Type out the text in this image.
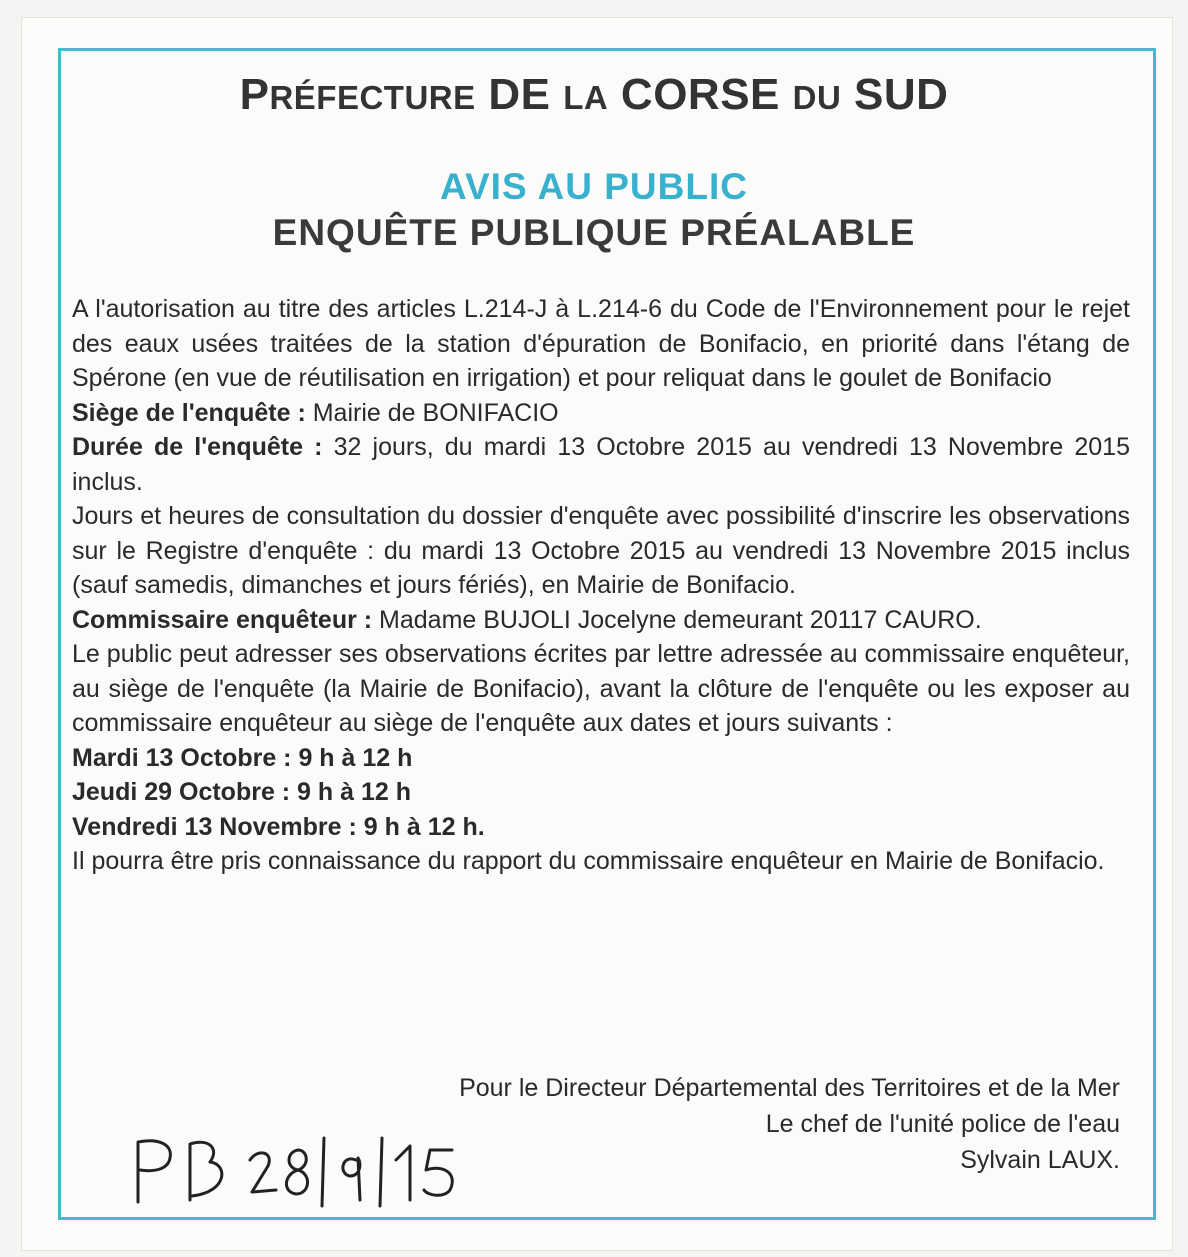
PRÉFECTURE DE LA CORSE DU SUD
AVIS AU PUBLIC
ENQUÊTE PUBLIQUE PRÉALABLE

A l'autorisation au titre des articles L.214-J à L.214-6 du Code de l'Environnement pour le rejet des eaux usées traitées de la station d'épuration de Bonifacio, en priorité dans l'étang de Spérone (en vue de réutilisation en irrigation) et pour reliquat dans le goulet de Bonifacio

Siège de l'enquête : Mairie de BONIFACIO

Durée de l'enquête : 32 jours, du mardi 13 Octobre 2015 au vendredi 13 Novembre 2015 inclus.

Jours et heures de consultation du dossier d'enquête avec possibilité d'inscrire les observations sur le Registre d'enquête : du mardi 13 Octobre 2015 au vendredi 13 Novembre 2015 inclus (sauf samedis, dimanches et jours fériés), en Mairie de Bonifacio.

Commissaire enquêteur : Madame BUJOLI Jocelyne demeurant 20117 CAURO.

Le public peut adresser ses observations écrites par lettre adressée au commissaire enquêteur, au siège de l'enquête (la Mairie de Bonifacio), avant la clôture de l'enquête ou les exposer au commissaire enquêteur au siège de l'enquête aux dates et jours suivants :

Mardi 13 Octobre : 9 h à 12 h

Jeudi 29 Octobre : 9 h à 12 h

Vendredi 13 Novembre : 9 h à 12 h.

Il pourra être pris connaissance du rapport du commissaire enquêteur en Mairie de Bonifacio.

Pour le Directeur Départemental des Territoires et de la Mer
Le chef de l'unité police de l'eau
Sylvain LAUX.
